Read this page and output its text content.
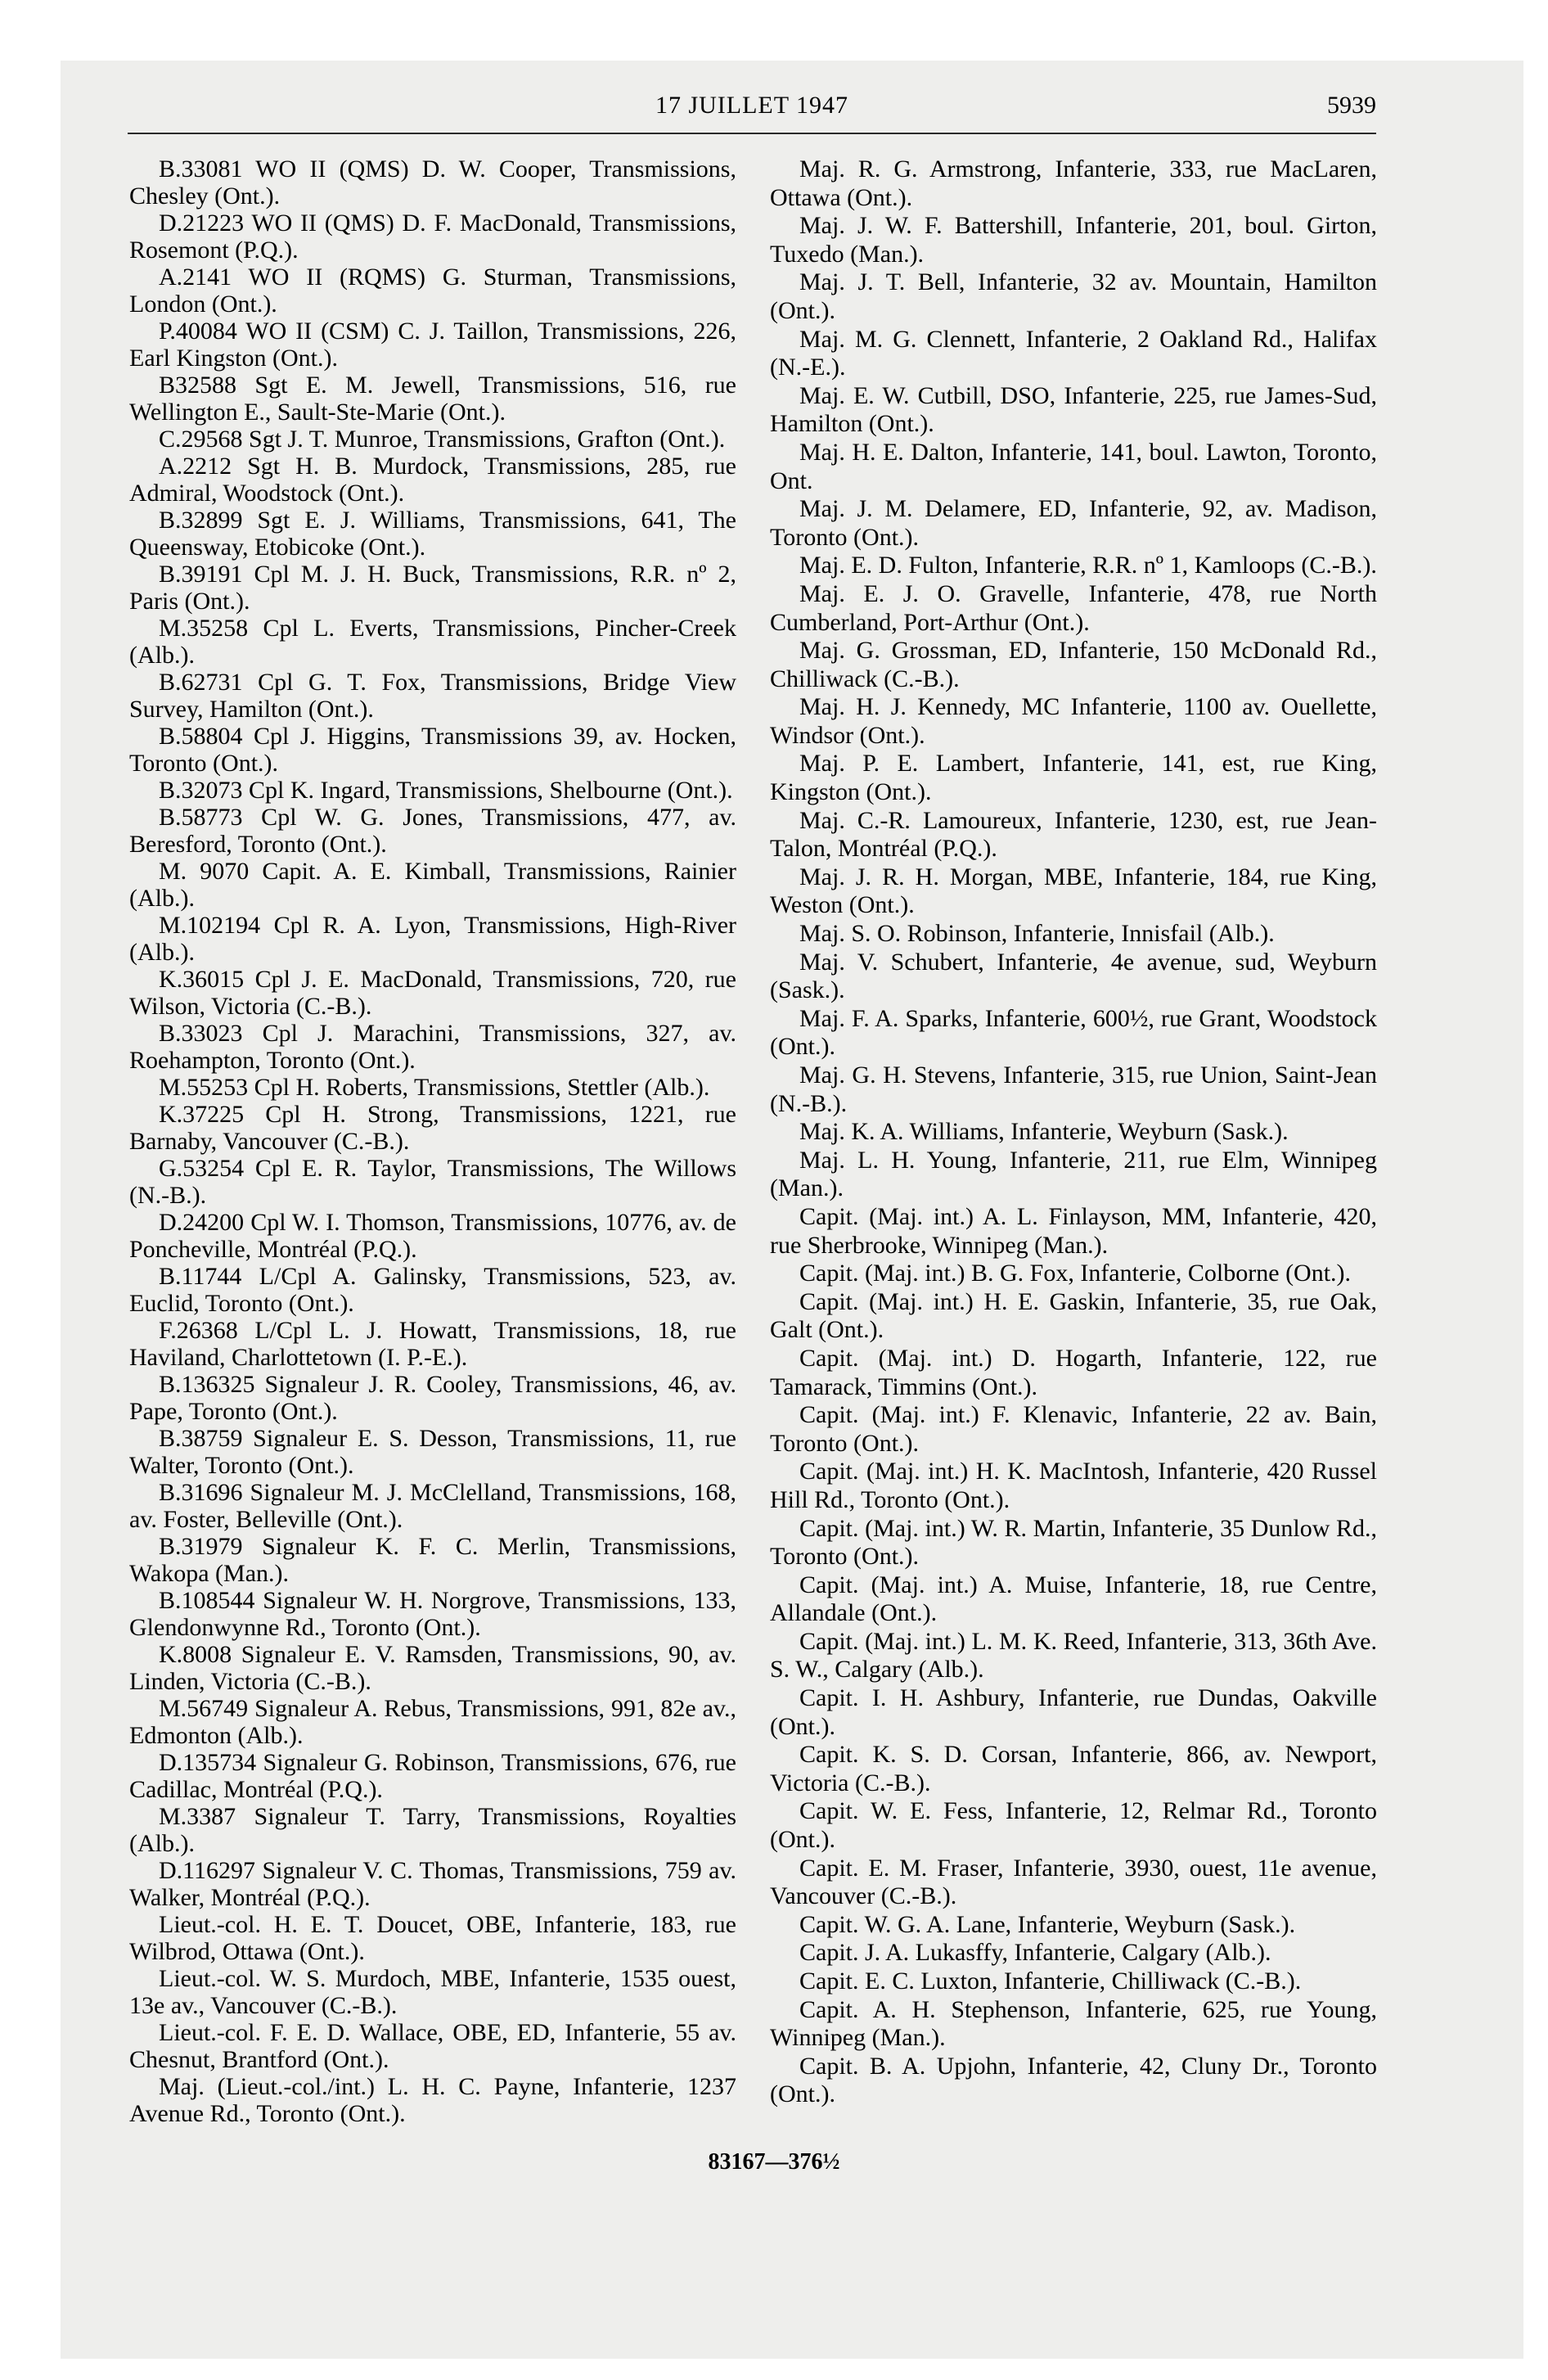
17 JUILLET 1947	5939

B.33081 WO II (QMS) D. W. Cooper, Transmissions, Chesley (Ont.).

D.21223 WO II (QMS) D. F. MacDonald, Transmissions, Rosemont (P.Q.).

A.2141 WO II (RQMS) G. Sturman, Transmissions, London (Ont.).

P.40084 WO II (CSM) C. J. Taillon, Transmissions, 226, Earl Kingston (Ont.).

B32588 Sgt E. M. Jewell, Transmissions, 516, rue Wellington E., Sault-Ste-Marie (Ont.).

C.29568 Sgt J. T. Munroe, Transmissions, Grafton (Ont.).

A.2212 Sgt H. B. Murdock, Transmissions, 285, rue Admiral, Woodstock (Ont.).

B.32899 Sgt E. J. Williams, Transmissions, 641, The Queensway, Etobicoke (Ont.).

B.39191 Cpl M. J. H. Buck, Transmissions, R.R. nº 2, Paris (Ont.).

M.35258 Cpl L. Everts, Transmissions, Pincher-Creek (Alb.).

B.62731 Cpl G. T. Fox, Transmissions, Bridge View Survey, Hamilton (Ont.).

B.58804 Cpl J. Higgins, Transmissions 39, av. Hocken, Toronto (Ont.).

B.32073 Cpl K. Ingard, Transmissions, Shelbourne (Ont.).

B.58773 Cpl W. G. Jones, Transmissions, 477, av. Beresford, Toronto (Ont.).

M. 9070 Capit. A. E. Kimball, Transmissions, Rainier (Alb.).

M.102194 Cpl R. A. Lyon, Transmissions, High-River (Alb.).

K.36015 Cpl J. E. MacDonald, Transmissions, 720, rue Wilson, Victoria (C.-B.).

B.33023 Cpl J. Marachini, Transmissions, 327, av. Roehampton, Toronto (Ont.).

M.55253 Cpl H. Roberts, Transmissions, Stettler (Alb.).

K.37225 Cpl H. Strong, Transmissions, 1221, rue Barnaby, Vancouver (C.-B.).

G.53254 Cpl E. R. Taylor, Transmissions, The Willows (N.-B.).

D.24200 Cpl W. I. Thomson, Transmissions, 10776, av. de Poncheville, Montréal (P.Q.).

B.11744 L/Cpl A. Galinsky, Transmissions, 523, av. Euclid, Toronto (Ont.).

F.26368 L/Cpl L. J. Howatt, Transmissions, 18, rue Haviland, Charlottetown (I. P.-E.).

B.136325 Signaleur J. R. Cooley, Transmissions, 46, av. Pape, Toronto (Ont.).

B.38759 Signaleur E. S. Desson, Transmissions, 11, rue Walter, Toronto (Ont.).

B.31696 Signaleur M. J. McClelland, Transmissions, 168, av. Foster, Belleville (Ont.).

B.31979 Signaleur K. F. C. Merlin, Transmissions, Wakopa (Man.).

B.108544 Signaleur W. H. Norgrove, Transmissions, 133, Glendonwynne Rd., Toronto (Ont.).

K.8008 Signaleur E. V. Ramsden, Transmissions, 90, av. Linden, Victoria (C.-B.).

M.56749 Signaleur A. Rebus, Transmissions, 991, 82e av., Edmonton (Alb.).

D.135734 Signaleur G. Robinson, Transmissions, 676, rue Cadillac, Montréal (P.Q.).

M.3387 Signaleur T. Tarry, Transmissions, Royalties (Alb.).

D.116297 Signaleur V. C. Thomas, Transmissions, 759 av. Walker, Montréal (P.Q.).

Lieut.-col. H. E. T. Doucet, OBE, Infanterie, 183, rue Wilbrod, Ottawa (Ont.).

Lieut.-col. W. S. Murdoch, MBE, Infanterie, 1535 ouest, 13e av., Vancouver (C.-B.).

Lieut.-col. F. E. D. Wallace, OBE, ED, Infanterie, 55 av. Chesnut, Brantford (Ont.).

Maj. (Lieut.-col./int.) L. H. C. Payne, Infanterie, 1237 Avenue Rd., Toronto (Ont.).

Maj. R. G. Armstrong, Infanterie, 333, rue MacLaren, Ottawa (Ont.).

Maj. J. W. F. Battershill, Infanterie, 201, boul. Girton, Tuxedo (Man.).

Maj. J. T. Bell, Infanterie, 32 av. Mountain, Hamilton (Ont.).

Maj. M. G. Clennett, Infanterie, 2 Oakland Rd., Halifax (N.-E.).

Maj. E. W. Cutbill, DSO, Infanterie, 225, rue James-Sud, Hamilton (Ont.).

Maj. H. E. Dalton, Infanterie, 141, boul. Lawton, Toronto, Ont.

Maj. J. M. Delamere, ED, Infanterie, 92, av. Madison, Toronto (Ont.).

Maj. E. D. Fulton, Infanterie, R.R. nº 1, Kamloops (C.-B.).

Maj. E. J. O. Gravelle, Infanterie, 478, rue North Cumberland, Port-Arthur (Ont.).

Maj. G. Grossman, ED, Infanterie, 150 McDonald Rd., Chilliwack (C.-B.).

Maj. H. J. Kennedy, MC Infanterie, 1100 av. Ouellette, Windsor (Ont.).

Maj. P. E. Lambert, Infanterie, 141, est, rue King, Kingston (Ont.).

Maj. C.-R. Lamoureux, Infanterie, 1230, est, rue Jean-Talon, Montréal (P.Q.).

Maj. J. R. H. Morgan, MBE, Infanterie, 184, rue King, Weston (Ont.).

Maj. S. O. Robinson, Infanterie, Innisfail (Alb.).

Maj. V. Schubert, Infanterie, 4e avenue, sud, Weyburn (Sask.).

Maj. F. A. Sparks, Infanterie, 600½, rue Grant, Woodstock (Ont.).

Maj. G. H. Stevens, Infanterie, 315, rue Union, Saint-Jean (N.-B.).

Maj. K. A. Williams, Infanterie, Weyburn (Sask.).

Maj. L. H. Young, Infanterie, 211, rue Elm, Winnipeg (Man.).

Capit. (Maj. int.) A. L. Finlayson, MM, Infanterie, 420, rue Sherbrooke, Winnipeg (Man.).

Capit. (Maj. int.) B. G. Fox, Infanterie, Colborne (Ont.).

Capit. (Maj. int.) H. E. Gaskin, Infanterie, 35, rue Oak, Galt (Ont.).

Capit. (Maj. int.) D. Hogarth, Infanterie, 122, rue Tamarack, Timmins (Ont.).

Capit. (Maj. int.) F. Klenavic, Infanterie, 22 av. Bain, Toronto (Ont.).

Capit. (Maj. int.) H. K. MacIntosh, Infanterie, 420 Russel Hill Rd., Toronto (Ont.).

Capit. (Maj. int.) W. R. Martin, Infanterie, 35 Dunlow Rd., Toronto (Ont.).

Capit. (Maj. int.) A. Muise, Infanterie, 18, rue Centre, Allandale (Ont.).

Capit. (Maj. int.) L. M. K. Reed, Infanterie, 313, 36th Ave. S. W., Calgary (Alb.).

Capit. I. H. Ashbury, Infanterie, rue Dundas, Oakville (Ont.).

Capit. K. S. D. Corsan, Infanterie, 866, av. Newport, Victoria (C.-B.).

Capit. W. E. Fess, Infanterie, 12, Relmar Rd., Toronto (Ont.).

Capit. E. M. Fraser, Infanterie, 3930, ouest, 11e avenue, Vancouver (C.-B.).

Capit. W. G. A. Lane, Infanterie, Weyburn (Sask.).

Capit. J. A. Lukasffy, Infanterie, Calgary (Alb.).

Capit. E. C. Luxton, Infanterie, Chilliwack (C.-B.).

Capit. A. H. Stephenson, Infanterie, 625, rue Young, Winnipeg (Man.).

Capit. B. A. Upjohn, Infanterie, 42, Cluny Dr., Toronto (Ont.).

83167—376½
